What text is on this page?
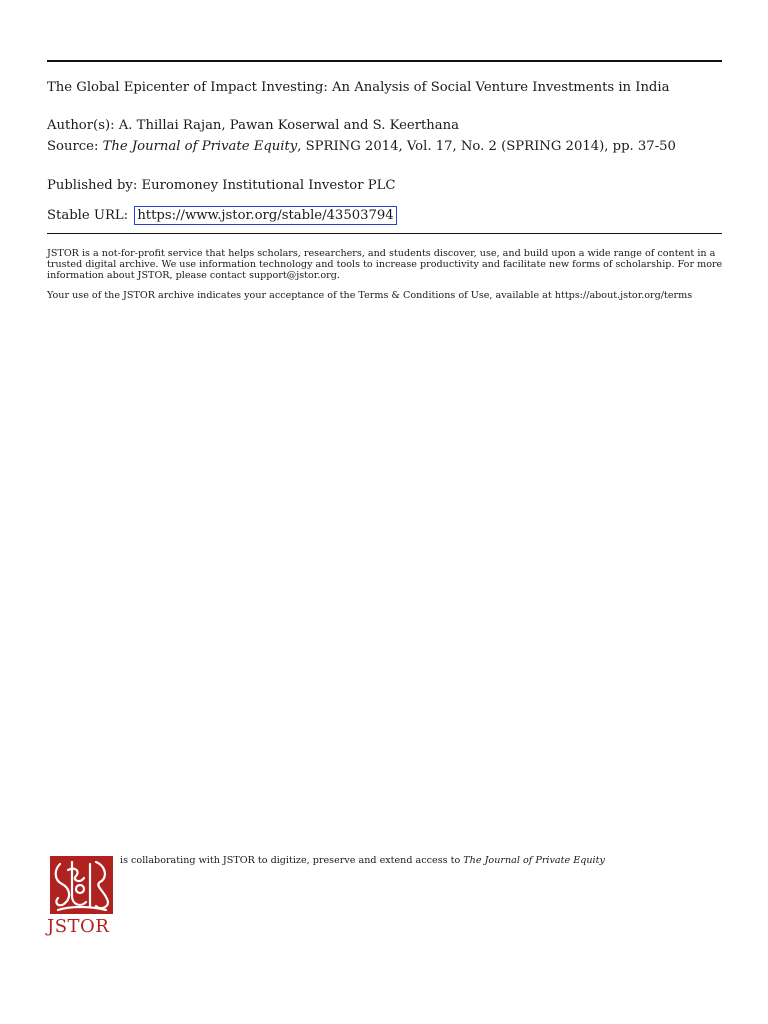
The Global Epicenter of Impact Investing: An Analysis of Social Venture Investments in India
Author(s): A. Thillai Rajan, Pawan Koserwal and S. Keerthana
Source: The Journal of Private Equity, SPRING 2014, Vol. 17, No. 2 (SPRING 2014), pp. 37-50
Published by: Euromoney Institutional Investor PLC
Stable URL: https://www.jstor.org/stable/43503794
JSTOR is a not-for-profit service that helps scholars, researchers, and students discover, use, and build upon a wide range of content in a trusted digital archive. We use information technology and tools to increase productivity and facilitate new forms of scholarship. For more information about JSTOR, please contact support@jstor.org.
Your use of the JSTOR archive indicates your acceptance of the Terms & Conditions of Use, available at https://about.jstor.org/terms
JSTOR
is collaborating with JSTOR to digitize, preserve and extend access to The Journal of Private Equity
